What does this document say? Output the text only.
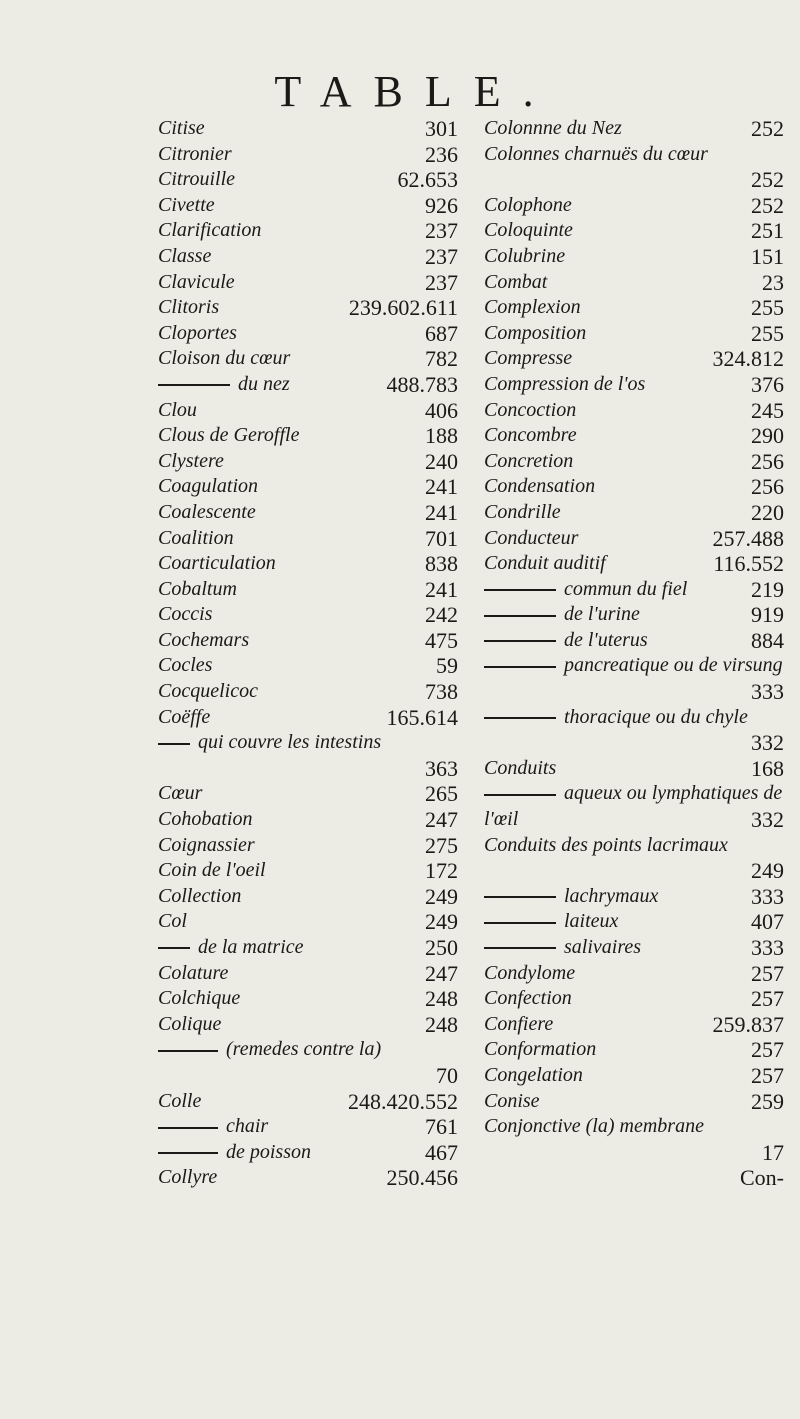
TABLE.
Citise	301
Citronier	236
Citrouille	62.653
Civette	926
Clarification	237
Classe	237
Clavicule	237
Clitoris	239.602.611
Cloportes	687
Cloison du cœur	782
du nez	488.783
Clou	406
Clous de Geroffle	188
Clystere	240
Coagulation	241
Coalescente	241
Coalition	701
Coarticulation	838
Cobaltum	241
Coccis	242
Cochemars	475
Cocles	59
Cocquelicoc	738
Coëffe	165.614
qui couvre les intestins
363
Cœur	265
Cohobation	247
Coignassier	275
Coin de l'oeil	172
Collection	249
Col	249
de la matrice	250
Colature	247
Colchique	248
Colique	248
(remedes contre la)
70
Colle	248.420.552
chair	761
de poisson	467
Collyre	250.456
Colonnne du Nez	252
Colonnes charnuës du cœur
252
Colophone	252
Coloquinte	251
Colubrine	151
Combat	23
Complexion	255
Composition	255
Compresse	324.812
Compression de l'os	376
Concoction	245
Concombre	290
Concretion	256
Condensation	256
Condrille	220
Conducteur	257.488
Conduit auditif	116.552
commun du fiel	219
de l'urine	919
de l'uterus	884
pancreatique ou de virsung
333
thoracique ou du chyle
332
Conduits	168
aqueux ou lymphatiques de l'œil	332
Conduits des points lacrimaux
249
lachrymaux	333
laiteux	407
salivaires	333
Condylome	257
Confection	257
Confiere	259.837
Conformation	257
Congelation	257
Conise	259
Conjonctive (la) membrane
17
Con-
